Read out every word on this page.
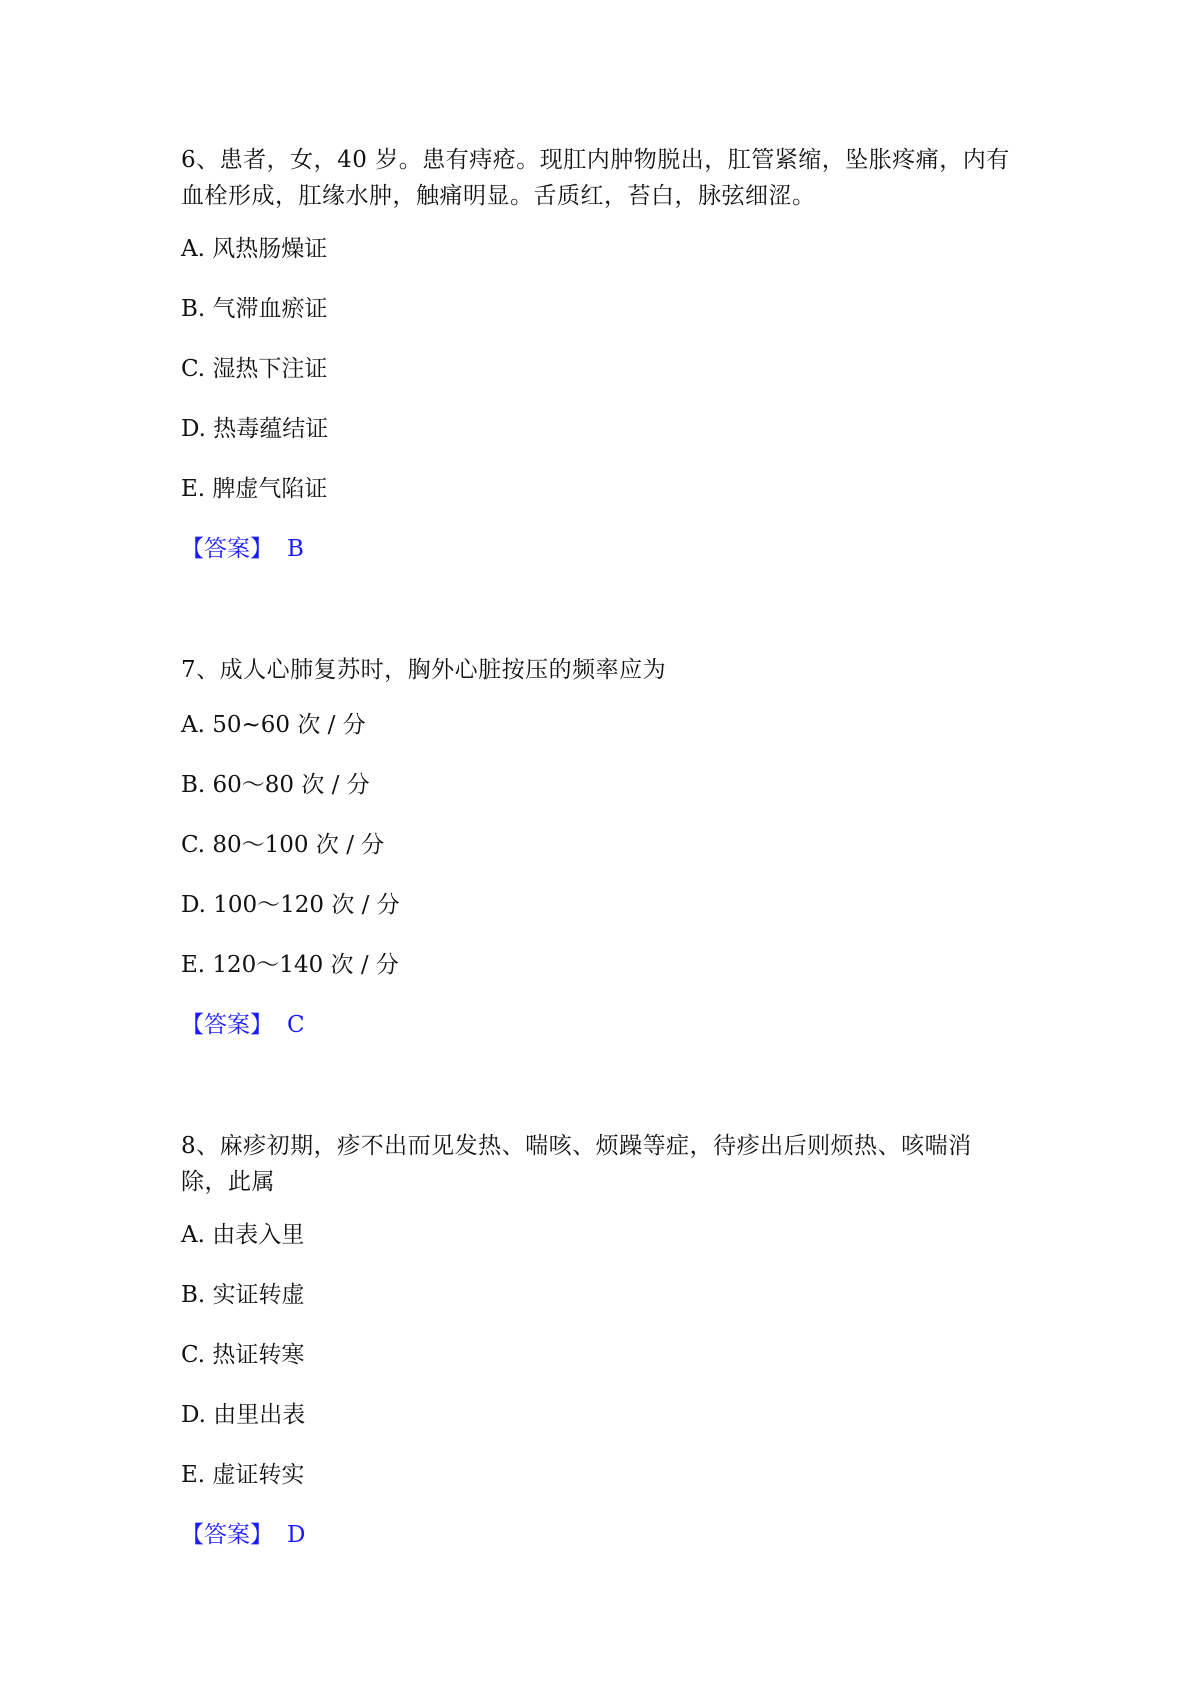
6、患者，女，40 岁。患有痔疮。现肛内肿物脱出，肛管紧缩，坠胀疼痛，内有血栓形成，肛缘水肿，触痛明显。舌质红，苔白，脉弦细涩。

A. 风热肠燥证

B. 气滞血瘀证

C. 湿热下注证

D. 热毒蕴结证

E. 脾虚气陷证

【答案】 B

7、成人心肺复苏时，胸外心脏按压的频率应为

A. 50~60 次 / 分

B. 60～80 次 / 分

C. 80～100 次 / 分

D. 100～120 次 / 分

E. 120～140 次 / 分

【答案】 C

8、麻疹初期，疹不出而见发热、喘咳、烦躁等症，待疹出后则烦热、咳喘消除，此属

A. 由表入里

B. 实证转虚

C. 热证转寒

D. 由里出表

E. 虚证转实

【答案】 D
